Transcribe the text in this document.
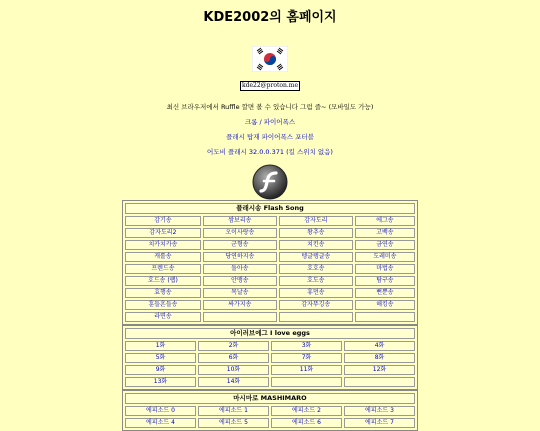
KDE2002의 홈페이지
kde22@proton.me
최신 브라우저에서 Ruffle 깔면 볼 수 있습니다 그럼 즐~ (모바일도 가능)
크롬 / 파이어폭스
플래시 탑재 파이어폭스 포터블
어도비 플래시 32.0.0.371 (킬 스위치 없음)
플래시송 Flash Song			
감기송	쌈보리송	감자도리	에그송
감자도리2	오이사랑송	왕추송	고백송
치카치카송	군형송	치킨송	금연송
캐롤송	당연하지송	텡글텡글송	도레미송
프렌드송	돌아송	호호송	마법송
호드송 (랩)	안맹송	호도송	탐구송
효행송	목날송	휴먼송	뻔뿐송
훈들흔들송	싸가지송	감자뚜깅송	해킹송
라면송			
아이러브에그 I love eggs			
1화	2화	3화	4화
5화	6화	7화	8화
9화	10화	11화	12화
13화	14화		
마시마로 MASHIMARO			
에피소드 0	에피소드 1	에피소드 2	에피소드 3
에피소드 4	에피소드 5	에피소드 6	에피소드 7
